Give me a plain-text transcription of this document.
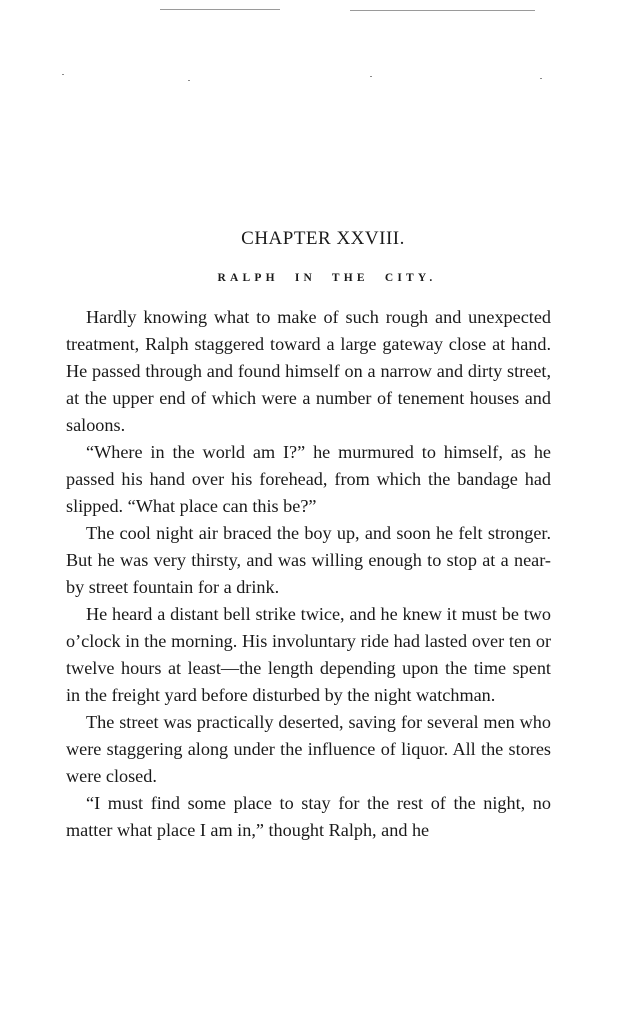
CHAPTER XXVIII.
RALPH IN THE CITY.

Hardly knowing what to make of such rough and unexpected treatment, Ralph staggered toward a large gateway close at hand. He passed through and found himself on a narrow and dirty street, at the upper end of which were a number of tenement houses and saloons.

“Where in the world am I?” he murmured to himself, as he passed his hand over his forehead, from which the bandage had slipped. “What place can this be?”

The cool night air braced the boy up, and soon he felt stronger. But he was very thirsty, and was willing enough to stop at a near-by street fountain for a drink.

He heard a distant bell strike twice, and he knew it must be two o’clock in the morning. His involuntary ride had lasted over ten or twelve hours at least—the length depending upon the time spent in the freight yard before disturbed by the night watchman.

The street was practically deserted, saving for several men who were staggering along under the influence of liquor. All the stores were closed.

“I must find some place to stay for the rest of the night, no matter what place I am in,” thought Ralph, and he
